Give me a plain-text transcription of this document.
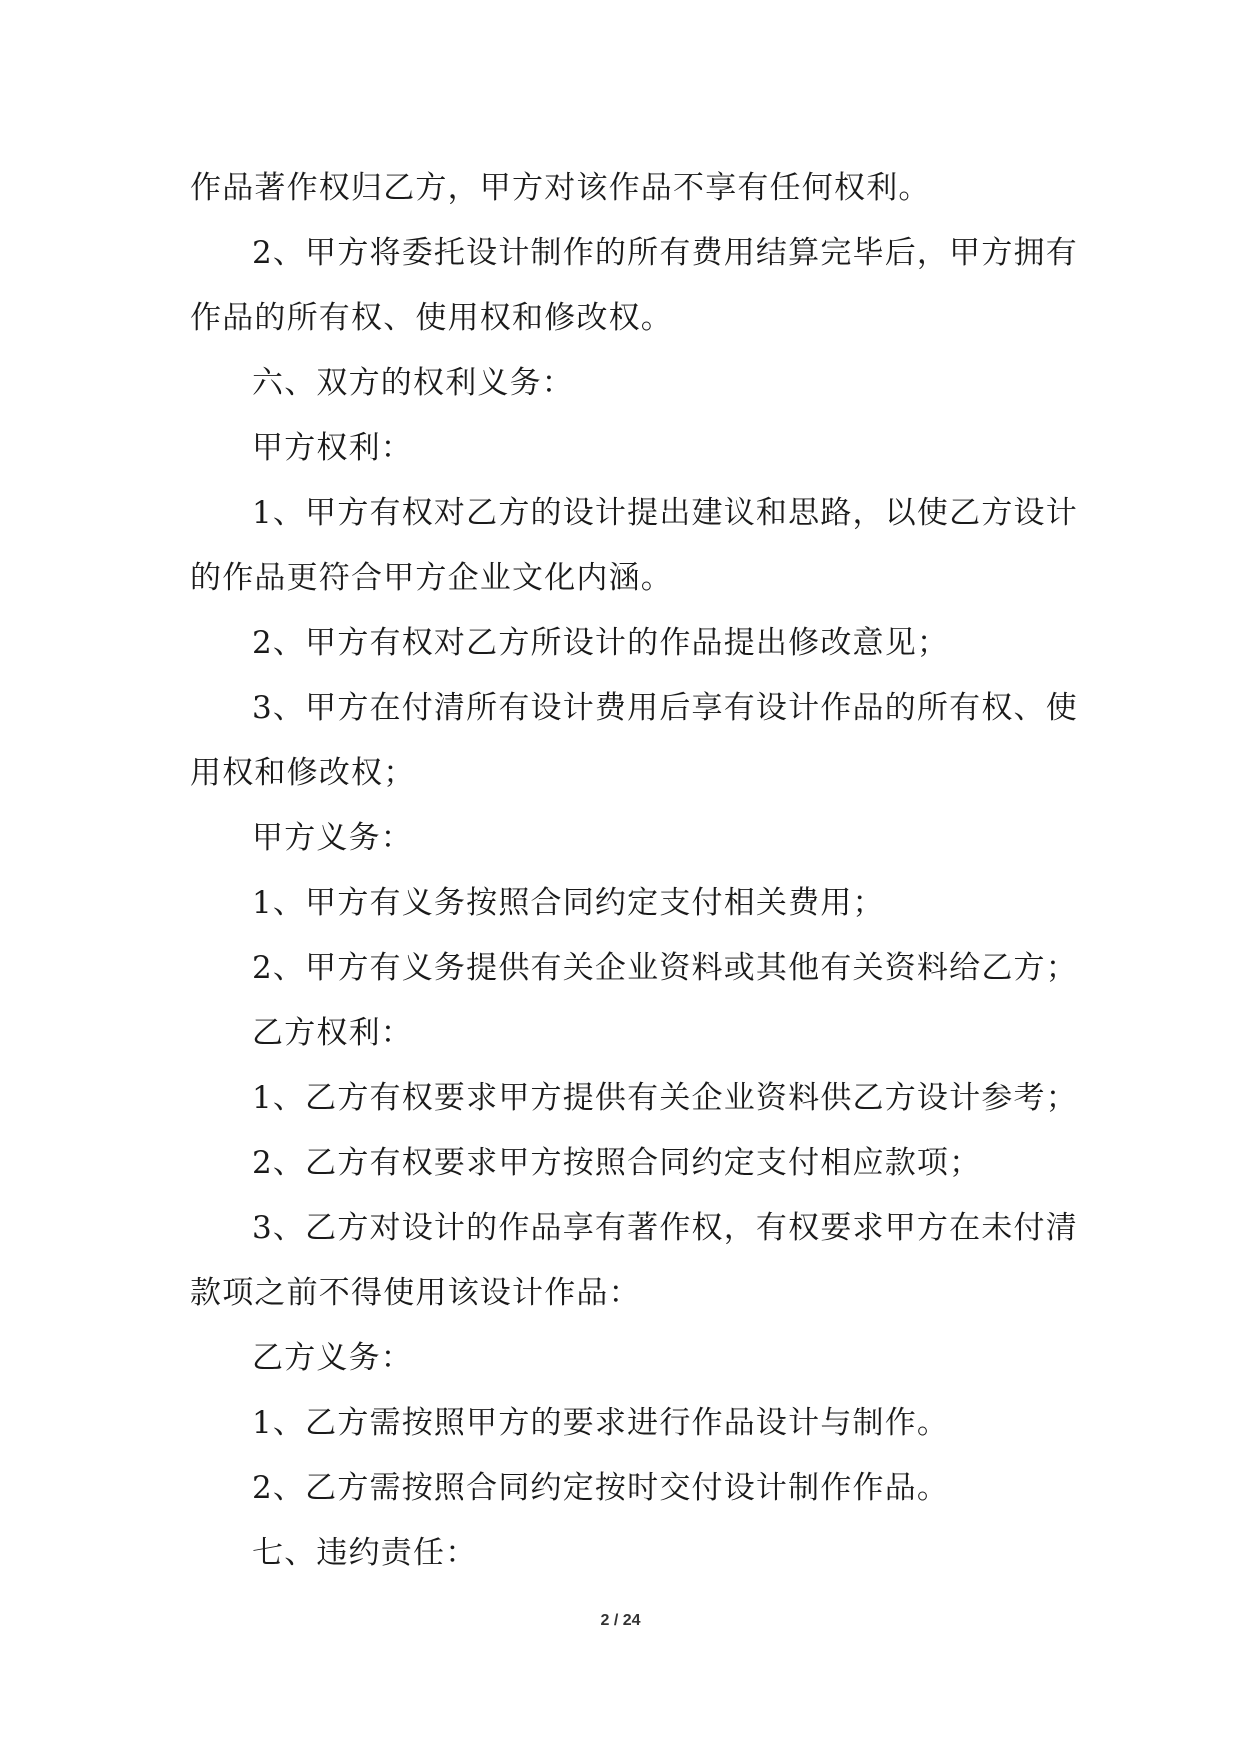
作品著作权归乙方，甲方对该作品不享有任何权利。
2、甲方将委托设计制作的所有费用结算完毕后，甲方拥有
作品的所有权、使用权和修改权。
六、双方的权利义务：
甲方权利：
1、甲方有权对乙方的设计提出建议和思路，以使乙方设计
的作品更符合甲方企业文化内涵。
2、甲方有权对乙方所设计的作品提出修改意见；
3、甲方在付清所有设计费用后享有设计作品的所有权、使
用权和修改权；
甲方义务：
1、甲方有义务按照合同约定支付相关费用；
2、甲方有义务提供有关企业资料或其他有关资料给乙方；
乙方权利：
1、乙方有权要求甲方提供有关企业资料供乙方设计参考；
2、乙方有权要求甲方按照合同约定支付相应款项；
3、乙方对设计的作品享有著作权，有权要求甲方在未付清
款项之前不得使用该设计作品：
乙方义务：
1、乙方需按照甲方的要求进行作品设计与制作。
2、乙方需按照合同约定按时交付设计制作作品。
七、违约责任：
2 / 24
